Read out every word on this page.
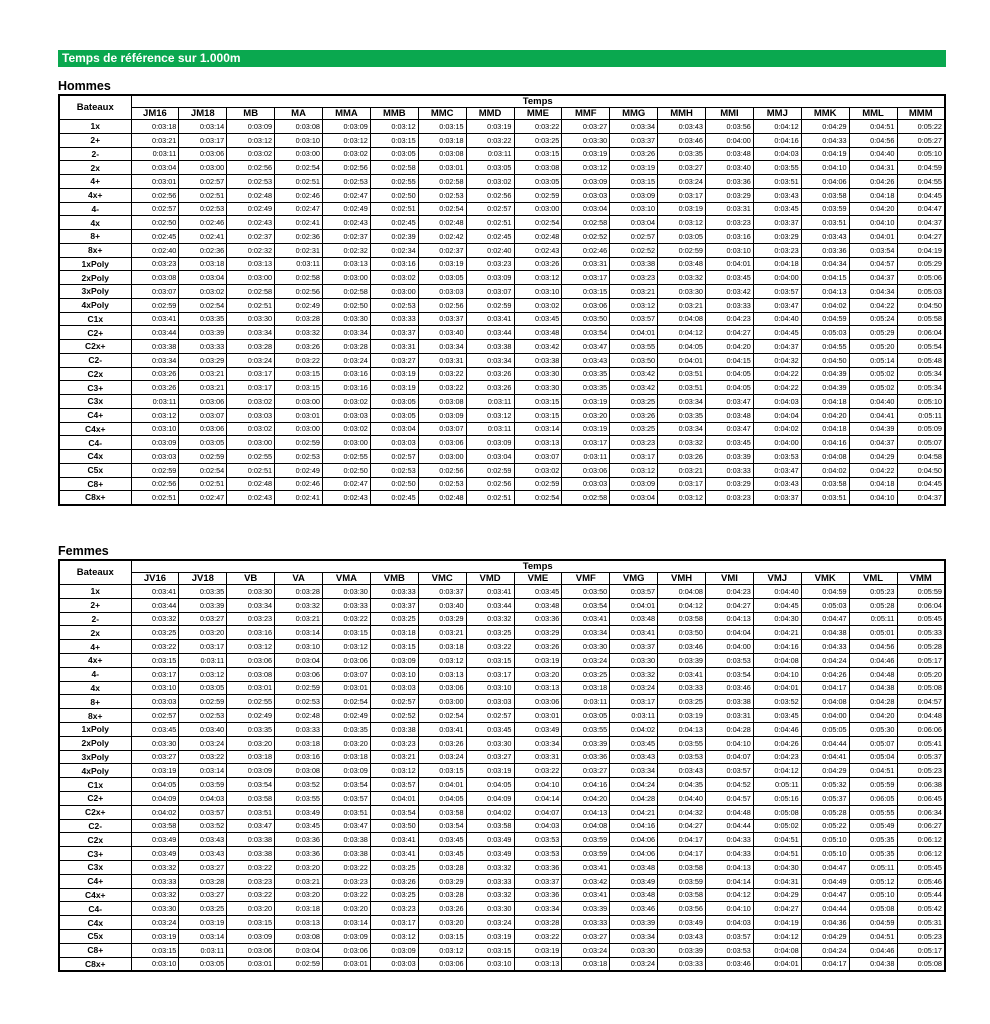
Temps de référence sur 1.000m
Hommes
Bateaux	Temps																
	JM16	JM18	MB	MA	MMA	MMB	MMC	MMD	MME	MMF	MMG	MMH	MMI	MMJ	MMK	MML	MMM
1x	0:03:18	0:03:14	0:03:09	0:03:08	0:03:09	0:03:12	0:03:15	0:03:19	0:03:22	0:03:27	0:03:34	0:03:43	0:03:56	0:04:12	0:04:29	0:04:51	0:05:22
2+	0:03:21	0:03:17	0:03:12	0:03:10	0:03:12	0:03:15	0:03:18	0:03:22	0:03:25	0:03:30	0:03:37	0:03:46	0:04:00	0:04:16	0:04:33	0:04:56	0:05:27
2-	0:03:11	0:03:06	0:03:02	0:03:00	0:03:02	0:03:05	0:03:08	0:03:11	0:03:15	0:03:19	0:03:26	0:03:35	0:03:48	0:04:03	0:04:19	0:04:40	0:05:10
2x	0:03:04	0:03:00	0:02:56	0:02:54	0:02:56	0:02:58	0:03:01	0:03:05	0:03:08	0:03:12	0:03:19	0:03:27	0:03:40	0:03:55	0:04:10	0:04:31	0:04:59
4+	0:03:01	0:02:57	0:02:53	0:02:51	0:02:53	0:02:55	0:02:58	0:03:02	0:03:05	0:03:09	0:03:15	0:03:24	0:03:36	0:03:51	0:04:06	0:04:26	0:04:55
4x+	0:02:56	0:02:51	0:02:48	0:02:46	0:02:47	0:02:50	0:02:53	0:02:56	0:02:59	0:03:03	0:03:09	0:03:17	0:03:29	0:03:43	0:03:58	0:04:18	0:04:45
4-	0:02:57	0:02:53	0:02:49	0:02:47	0:02:49	0:02:51	0:02:54	0:02:57	0:03:00	0:03:04	0:03:10	0:03:19	0:03:31	0:03:45	0:03:59	0:04:20	0:04:47
4x	0:02:50	0:02:46	0:02:43	0:02:41	0:02:43	0:02:45	0:02:48	0:02:51	0:02:54	0:02:58	0:03:04	0:03:12	0:03:23	0:03:37	0:03:51	0:04:10	0:04:37
8+	0:02:45	0:02:41	0:02:37	0:02:36	0:02:37	0:02:39	0:02:42	0:02:45	0:02:48	0:02:52	0:02:57	0:03:05	0:03:16	0:03:29	0:03:43	0:04:01	0:04:27
8x+	0:02:40	0:02:36	0:02:32	0:02:31	0:02:32	0:02:34	0:02:37	0:02:40	0:02:43	0:02:46	0:02:52	0:02:59	0:03:10	0:03:23	0:03:36	0:03:54	0:04:19
1xPoly	0:03:23	0:03:18	0:03:13	0:03:11	0:03:13	0:03:16	0:03:19	0:03:23	0:03:26	0:03:31	0:03:38	0:03:48	0:04:01	0:04:18	0:04:34	0:04:57	0:05:29
2xPoly	0:03:08	0:03:04	0:03:00	0:02:58	0:03:00	0:03:02	0:03:05	0:03:09	0:03:12	0:03:17	0:03:23	0:03:32	0:03:45	0:04:00	0:04:15	0:04:37	0:05:06
3xPoly	0:03:07	0:03:02	0:02:58	0:02:56	0:02:58	0:03:00	0:03:03	0:03:07	0:03:10	0:03:15	0:03:21	0:03:30	0:03:42	0:03:57	0:04:13	0:04:34	0:05:03
4xPoly	0:02:59	0:02:54	0:02:51	0:02:49	0:02:50	0:02:53	0:02:56	0:02:59	0:03:02	0:03:06	0:03:12	0:03:21	0:03:33	0:03:47	0:04:02	0:04:22	0:04:50
C1x	0:03:41	0:03:35	0:03:30	0:03:28	0:03:30	0:03:33	0:03:37	0:03:41	0:03:45	0:03:50	0:03:57	0:04:08	0:04:23	0:04:40	0:04:59	0:05:24	0:05:58
C2+	0:03:44	0:03:39	0:03:34	0:03:32	0:03:34	0:03:37	0:03:40	0:03:44	0:03:48	0:03:54	0:04:01	0:04:12	0:04:27	0:04:45	0:05:03	0:05:29	0:06:04
C2x+	0:03:38	0:03:33	0:03:28	0:03:26	0:03:28	0:03:31	0:03:34	0:03:38	0:03:42	0:03:47	0:03:55	0:04:05	0:04:20	0:04:37	0:04:55	0:05:20	0:05:54
C2-	0:03:34	0:03:29	0:03:24	0:03:22	0:03:24	0:03:27	0:03:31	0:03:34	0:03:38	0:03:43	0:03:50	0:04:01	0:04:15	0:04:32	0:04:50	0:05:14	0:05:48
C2x	0:03:26	0:03:21	0:03:17	0:03:15	0:03:16	0:03:19	0:03:22	0:03:26	0:03:30	0:03:35	0:03:42	0:03:51	0:04:05	0:04:22	0:04:39	0:05:02	0:05:34
C3+	0:03:26	0:03:21	0:03:17	0:03:15	0:03:16	0:03:19	0:03:22	0:03:26	0:03:30	0:03:35	0:03:42	0:03:51	0:04:05	0:04:22	0:04:39	0:05:02	0:05:34
C3x	0:03:11	0:03:06	0:03:02	0:03:00	0:03:02	0:03:05	0:03:08	0:03:11	0:03:15	0:03:19	0:03:25	0:03:34	0:03:47	0:04:03	0:04:18	0:04:40	0:05:10
C4+	0:03:12	0:03:07	0:03:03	0:03:01	0:03:03	0:03:05	0:03:09	0:03:12	0:03:15	0:03:20	0:03:26	0:03:35	0:03:48	0:04:04	0:04:20	0:04:41	0:05:11
C4x+	0:03:10	0:03:06	0:03:02	0:03:00	0:03:02	0:03:04	0:03:07	0:03:11	0:03:14	0:03:19	0:03:25	0:03:34	0:03:47	0:04:02	0:04:18	0:04:39	0:05:09
C4-	0:03:09	0:03:05	0:03:00	0:02:59	0:03:00	0:03:03	0:03:06	0:03:09	0:03:13	0:03:17	0:03:23	0:03:32	0:03:45	0:04:00	0:04:16	0:04:37	0:05:07
C4x	0:03:03	0:02:59	0:02:55	0:02:53	0:02:55	0:02:57	0:03:00	0:03:04	0:03:07	0:03:11	0:03:17	0:03:26	0:03:39	0:03:53	0:04:08	0:04:29	0:04:58
C5x	0:02:59	0:02:54	0:02:51	0:02:49	0:02:50	0:02:53	0:02:56	0:02:59	0:03:02	0:03:06	0:03:12	0:03:21	0:03:33	0:03:47	0:04:02	0:04:22	0:04:50
C8+	0:02:56	0:02:51	0:02:48	0:02:46	0:02:47	0:02:50	0:02:53	0:02:56	0:02:59	0:03:03	0:03:09	0:03:17	0:03:29	0:03:43	0:03:58	0:04:18	0:04:45
C8x+	0:02:51	0:02:47	0:02:43	0:02:41	0:02:43	0:02:45	0:02:48	0:02:51	0:02:54	0:02:58	0:03:04	0:03:12	0:03:23	0:03:37	0:03:51	0:04:10	0:04:37
Femmes
Bateaux	Temps																
	JV16	JV18	VB	VA	VMA	VMB	VMC	VMD	VME	VMF	VMG	VMH	VMI	VMJ	VMK	VML	VMM
1x	0:03:41	0:03:35	0:03:30	0:03:28	0:03:30	0:03:33	0:03:37	0:03:41	0:03:45	0:03:50	0:03:57	0:04:08	0:04:23	0:04:40	0:04:59	0:05:23	0:05:59
2+	0:03:44	0:03:39	0:03:34	0:03:32	0:03:33	0:03:37	0:03:40	0:03:44	0:03:48	0:03:54	0:04:01	0:04:12	0:04:27	0:04:45	0:05:03	0:05:28	0:06:04
2-	0:03:32	0:03:27	0:03:23	0:03:21	0:03:22	0:03:25	0:03:29	0:03:32	0:03:36	0:03:41	0:03:48	0:03:58	0:04:13	0:04:30	0:04:47	0:05:11	0:05:45
2x	0:03:25	0:03:20	0:03:16	0:03:14	0:03:15	0:03:18	0:03:21	0:03:25	0:03:29	0:03:34	0:03:41	0:03:50	0:04:04	0:04:21	0:04:38	0:05:01	0:05:33
4+	0:03:22	0:03:17	0:03:12	0:03:10	0:03:12	0:03:15	0:03:18	0:03:22	0:03:26	0:03:30	0:03:37	0:03:46	0:04:00	0:04:16	0:04:33	0:04:56	0:05:28
4x+	0:03:15	0:03:11	0:03:06	0:03:04	0:03:06	0:03:09	0:03:12	0:03:15	0:03:19	0:03:24	0:03:30	0:03:39	0:03:53	0:04:08	0:04:24	0:04:46	0:05:17
4-	0:03:17	0:03:12	0:03:08	0:03:06	0:03:07	0:03:10	0:03:13	0:03:17	0:03:20	0:03:25	0:03:32	0:03:41	0:03:54	0:04:10	0:04:26	0:04:48	0:05:20
4x	0:03:10	0:03:05	0:03:01	0:02:59	0:03:01	0:03:03	0:03:06	0:03:10	0:03:13	0:03:18	0:03:24	0:03:33	0:03:46	0:04:01	0:04:17	0:04:38	0:05:08
8+	0:03:03	0:02:59	0:02:55	0:02:53	0:02:54	0:02:57	0:03:00	0:03:03	0:03:06	0:03:11	0:03:17	0:03:25	0:03:38	0:03:52	0:04:08	0:04:28	0:04:57
8x+	0:02:57	0:02:53	0:02:49	0:02:48	0:02:49	0:02:52	0:02:54	0:02:57	0:03:01	0:03:05	0:03:11	0:03:19	0:03:31	0:03:45	0:04:00	0:04:20	0:04:48
1xPoly	0:03:45	0:03:40	0:03:35	0:03:33	0:03:35	0:03:38	0:03:41	0:03:45	0:03:49	0:03:55	0:04:02	0:04:13	0:04:28	0:04:46	0:05:05	0:05:30	0:06:06
2xPoly	0:03:30	0:03:24	0:03:20	0:03:18	0:03:20	0:03:23	0:03:26	0:03:30	0:03:34	0:03:39	0:03:45	0:03:55	0:04:10	0:04:26	0:04:44	0:05:07	0:05:41
3xPoly	0:03:27	0:03:22	0:03:18	0:03:16	0:03:18	0:03:21	0:03:24	0:03:27	0:03:31	0:03:36	0:03:43	0:03:53	0:04:07	0:04:23	0:04:41	0:05:04	0:05:37
4xPoly	0:03:19	0:03:14	0:03:09	0:03:08	0:03:09	0:03:12	0:03:15	0:03:19	0:03:22	0:03:27	0:03:34	0:03:43	0:03:57	0:04:12	0:04:29	0:04:51	0:05:23
C1x	0:04:05	0:03:59	0:03:54	0:03:52	0:03:54	0:03:57	0:04:01	0:04:05	0:04:10	0:04:16	0:04:24	0:04:35	0:04:52	0:05:11	0:05:32	0:05:59	0:06:38
C2+	0:04:09	0:04:03	0:03:58	0:03:55	0:03:57	0:04:01	0:04:05	0:04:09	0:04:14	0:04:20	0:04:28	0:04:40	0:04:57	0:05:16	0:05:37	0:06:05	0:06:45
C2x+	0:04:02	0:03:57	0:03:51	0:03:49	0:03:51	0:03:54	0:03:58	0:04:02	0:04:07	0:04:13	0:04:21	0:04:32	0:04:48	0:05:08	0:05:28	0:05:55	0:06:34
C2-	0:03:58	0:03:52	0:03:47	0:03:45	0:03:47	0:03:50	0:03:54	0:03:58	0:04:03	0:04:08	0:04:16	0:04:27	0:04:44	0:05:02	0:05:22	0:05:49	0:06:27
C2x	0:03:49	0:03:43	0:03:38	0:03:36	0:03:38	0:03:41	0:03:45	0:03:49	0:03:53	0:03:59	0:04:06	0:04:17	0:04:33	0:04:51	0:05:10	0:05:35	0:06:12
C3+	0:03:49	0:03:43	0:03:38	0:03:36	0:03:38	0:03:41	0:03:45	0:03:49	0:03:53	0:03:59	0:04:06	0:04:17	0:04:33	0:04:51	0:05:10	0:05:35	0:06:12
C3x	0:03:32	0:03:27	0:03:22	0:03:20	0:03:22	0:03:25	0:03:28	0:03:32	0:03:36	0:03:41	0:03:48	0:03:58	0:04:13	0:04:30	0:04:47	0:05:11	0:05:45
C4+	0:03:33	0:03:28	0:03:23	0:03:21	0:03:23	0:03:26	0:03:29	0:03:33	0:03:37	0:03:42	0:03:49	0:03:59	0:04:14	0:04:31	0:04:49	0:05:12	0:05:46
C4x+	0:03:32	0:03:27	0:03:22	0:03:20	0:03:22	0:03:25	0:03:28	0:03:32	0:03:36	0:03:41	0:03:48	0:03:58	0:04:12	0:04:29	0:04:47	0:05:10	0:05:44
C4-	0:03:30	0:03:25	0:03:20	0:03:18	0:03:20	0:03:23	0:03:26	0:03:30	0:03:34	0:03:39	0:03:46	0:03:56	0:04:10	0:04:27	0:04:44	0:05:08	0:05:42
C4x	0:03:24	0:03:19	0:03:15	0:03:13	0:03:14	0:03:17	0:03:20	0:03:24	0:03:28	0:03:33	0:03:39	0:03:49	0:04:03	0:04:19	0:04:36	0:04:59	0:05:31
C5x	0:03:19	0:03:14	0:03:09	0:03:08	0:03:09	0:03:12	0:03:15	0:03:19	0:03:22	0:03:27	0:03:34	0:03:43	0:03:57	0:04:12	0:04:29	0:04:51	0:05:23
C8+	0:03:15	0:03:11	0:03:06	0:03:04	0:03:06	0:03:09	0:03:12	0:03:15	0:03:19	0:03:24	0:03:30	0:03:39	0:03:53	0:04:08	0:04:24	0:04:46	0:05:17
C8x+	0:03:10	0:03:05	0:03:01	0:02:59	0:03:01	0:03:03	0:03:06	0:03:10	0:03:13	0:03:18	0:03:24	0:03:33	0:03:46	0:04:01	0:04:17	0:04:38	0:05:08
